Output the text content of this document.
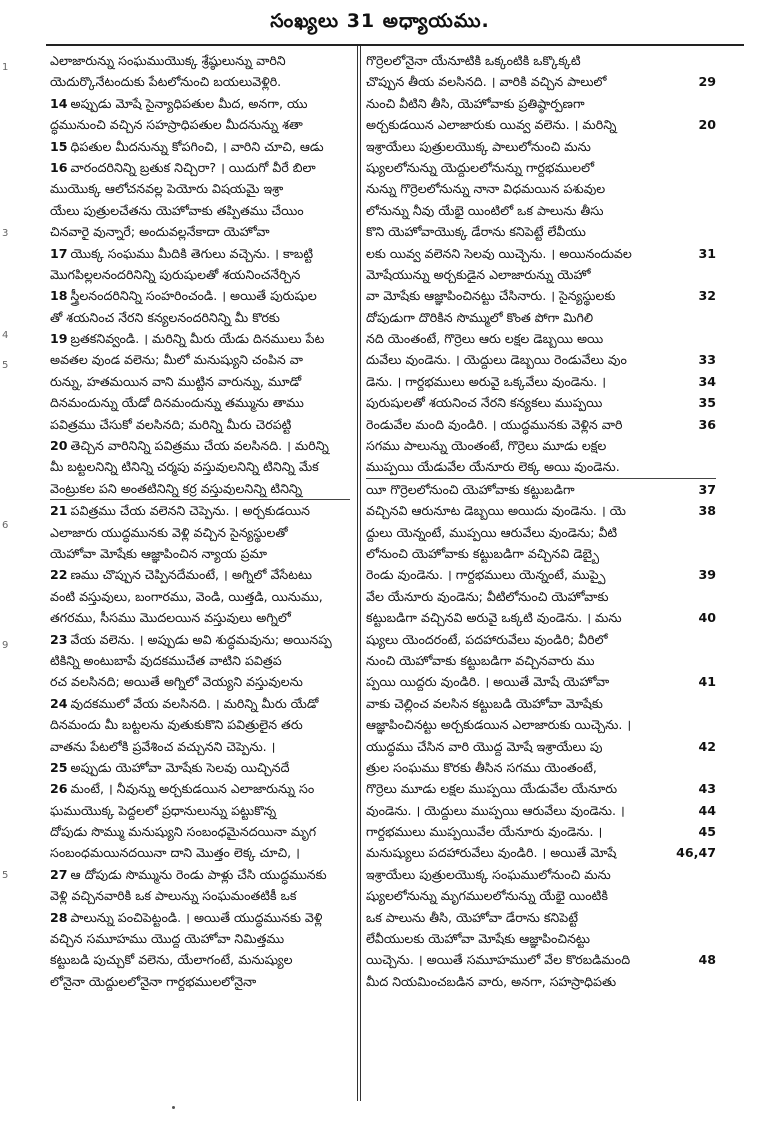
సంఖ్యలు 31 అధ్యాయము.
ఎలాజారున్ను సంఘముయొక్క శ్రేష్ఠులున్ను వారిని
యెదుర్కొనేటందుకు పేటలోనుంచి బయలువెళ్లిరి.
14 అప్పుడు మోషే సైన్యాధిపతుల మీద, అనగా, యు
ద్ధమునుంచి వచ్చిన సహస్రాధిపతుల మీదనున్ను శతా
15 ధిపతుల మీదనున్ను కోపగించి, । వారిని చూచి, ఆడు
16 వారందరినిన్ని బ్రతుక నిచ్చిరా? । యిదుగో వీరే బిలా
ముయొక్క ఆలోచనవల్ల పెయోరు విషయమై ఇశ్రా
యేలు పుత్రులచేతను యెహోవాకు తప్పితము చేయిం
చినవారై వున్నారే; అందువల్లనేకాదా యెహోవా
17 యొక్క సంఘము మీదికి తెగులు వచ్చెను. । కాబట్టి
మొగపిల్లలనందరినిన్ని పురుషులతో శయనించనేర్చిన
18 స్త్రీలనందరినిన్ని సంహరించండి. । అయితే పురుషుల
తో శయనించ నేరని కన్యలనందరినిన్ని మీ కొరకు
19 బ్రతకనివ్వండి. । మరిన్ని మీరు యేడు దినములు పేట
అవతల వుండ వలెను; మీలో మనుష్యుని చంపిన వా
రున్ను, హతమయిన వాని ముట్టిన వారున్ను, మూడో
దినమందున్ను యేడో దినమందున్ను తమ్మును తాము
పవిత్రము చేసుకో వలసినది; మరిన్ని మీరు చెరపట్టి
20 తెచ్చిన వారినిన్ని పవిత్రము చేయ వలసినది. । మరిన్ని
మీ బట్టలనిన్ని టినిన్ని చర్మపు వస్తువులనిన్ని టినిన్ని మేక
వెంట్రుకల పని అంతటినిన్ని కర్ర వస్తువులనిన్ని టినిన్ని
21 పవిత్రము చేయ వలెనని చెప్పెను. । అర్చకుడయిన
ఎలాజారు యుద్ధమునకు వెళ్లి వచ్చిన సైన్యస్థులతో
యెహోవా మోషేకు ఆజ్ఞాపించిన న్యాయ ప్రమా
22 ణము చొప్పున చెప్పినదేమంటే, । అగ్నిలో వేసేటటు
వంటి వస్తువులు, బంగారము, వెండి, యిత్తడి, యినుము,
తగరము, సీసము మొదలయిన వస్తువులు అగ్నిలో
23 వేయ వలెను. । అప్పుడు అవి శుద్ధమవును; అయినప్ప
టికిన్ని అంటుబాపే వుదకముచేత వాటిని పవిత్రప
రచ వలసినది; అయితే అగ్నిలో వెయ్యని వస్తువులను
24 వుదకములో వేయ వలసినది. । మరిన్ని మీరు యేడో
దినమందు మీ బట్టలను వుతుకుకొని పవిత్రులైన తరు
వాతను పేటలోకి ప్రవేశించ వచ్చునని చెప్పెను. ।
25 అప్పుడు యెహోవా మోషేకు సెలవు యిచ్చినదే
26 మంటే, । నీవున్ను అర్చకుడయిన ఎలాజారున్ను సం
ఘముయొక్క పెద్దలలో ప్రధానులున్ను పట్టుకొన్న
దోపుడు సొమ్ము మనుష్యుని సంబంధమైనదయినా మృగ
సంబంధమయినదయినా దాని మొత్తం లెక్క చూచి, ।
27 ఆ దోపుడు సొమ్మును రెండు పాళ్లు చేసి యుద్ధమునకు
వెళ్లి వచ్చినవారికి ఒక పాలున్ను సంఘమంతటికీ ఒక
28 పాలున్ను పంచిపెట్టండి. । అయితే యుద్ధమునకు వెళ్లి
వచ్చిన సమూహము యొద్ద యెహోవా నిమిత్తము
కట్టుబడి పుచ్చుకో వలెను, యేలాగంటే, మనుష్యుల
లోనైనా యెద్దులలోనైనా గార్దభములలోనైనా
గొర్రెలలోనైనా యేనూటికి ఒక్కంటికి ఒక్కొక్కటి
చొప్పున తీయ వలసినది. । వారికి వచ్చిన పాలులో	29
నుంచి వీటిని తీసి, యెహోవాకు ప్రతిష్ఠార్పణగా
అర్చకుడయిన ఎలాజారుకు యివ్వ వలెను. । మరిన్ని	20
ఇశ్రాయేలు పుత్రులయొక్క పాలులోనుంచి మను
ష్యులలోనున్ను యెద్దులలోనున్ను గార్దభములలో
నున్ను గొర్రెలలోనున్ను నానా విధమయిన పశువుల
లోనున్ను నీవు యేభై యింటిలో ఒక పాలును తీసు
కొని యెహోవాయొక్క డేరాను కనిపెట్టే లేవీయు
లకు యివ్వ వలెనని సెలవు యిచ్చెను. । అయినందువల	31
మోషేయున్ను అర్చకుడైన ఎలాజారున్ను యెహో
వా మోషేకు ఆజ్ఞాపించినట్టు చేసినారు. । సైన్యస్థులకు	32
దోపుడుగా దొరికిన సొమ్ములో కొంత పోగా మిగిలి
నది యెంతంటే, గొర్రెలు ఆరు లక్షల డెబ్బయి అయి
దువేలు వుండెను. । యెద్దులు డెబ్బయి రెండువేలు వుం	33
డెను. । గార్దభములు అరువై ఒక్కవేలు వుండెను. ।	34
పురుషులతో శయనించ నేరని కన్యకలు ముప్పయి	35
రెండువేల మంది వుండిరి. । యుద్ధమునకు వెళ్లిన వారి	36
సగము పాలున్ను యెంతంటే, గొర్రెలు మూడు లక్షల
ముప్పయి యేడువేల యేనూరు లెక్క అయి వుండెను.
యీ గొర్రెలలోనుంచి యెహోవాకు కట్టుబడిగా	37
వచ్చినవి ఆరునూట డెబ్బయి అయిదు వుండెను. । యె	38
ద్దులు యెన్నంటే, ముప్పయి ఆరువేలు వుండెను; వీటి
లోనుంచి యెహోవాకు కట్టుబడిగా వచ్చినవి డెబ్బై
రెండు వుండెను. । గార్దభములు యెన్నంటే, ముప్పై	39
వేల యేనూరు వుండెను; వీటిలోనుంచి యెహోవాకు
కట్టుబడిగా వచ్చినవి అరువై ఒక్కటి వుండెను. । మను	40
ష్యులు యెందరంటే, పదహారువేలు వుండిరి; వీరిలో
నుంచి యెహోవాకు కట్టుబడిగా వచ్చినవారు ము
ప్పయి యిద్దరు వుండిరి. । అయితే మోషే యెహోవా	41
వాకు చెల్లించ వలసిన కట్టుబడి యెహోవా మోషేకు
ఆజ్ఞాపించినట్టు అర్చకుడయిన ఎలాజారుకు యిచ్చెను. ।
యుద్ధము చేసిన వారి యొద్ద మోషే ఇశ్రాయేలు పు	42
త్రుల సంఘము కొరకు తీసిన సగము యెంతంటే,
గొర్రెలు మూడు లక్షల ముప్పయి యేడువేల యేనూరు	43
వుండెను. । యెద్దులు ముప్పయి ఆరువేలు వుండెను. ।	44
గార్దభములు ముప్పయివేల యేనూరు వుండెను. ।	45
మనుష్యులు పదహారువేలు వుండిరి. । అయితే మోషే	46,47
ఇశ్రాయేలు పుత్రులయొక్క సంఘములోనుంచి మను
ష్యులలోనున్ను మృగములలోనున్ను యేభై యింటికి
ఒక పాలును తీసి, యెహోవా డేరాను కనిపెట్టే
లేవీయులకు యెహోవా మోషేకు ఆజ్ఞాపించినట్టు
యిచ్చెను. । అయితే సమూహములో వేల కొరబడిమంది	48
మీద నియమించబడిన వారు, అనగా, సహస్రాధిపతు
1
3
4
5
6
9
5
